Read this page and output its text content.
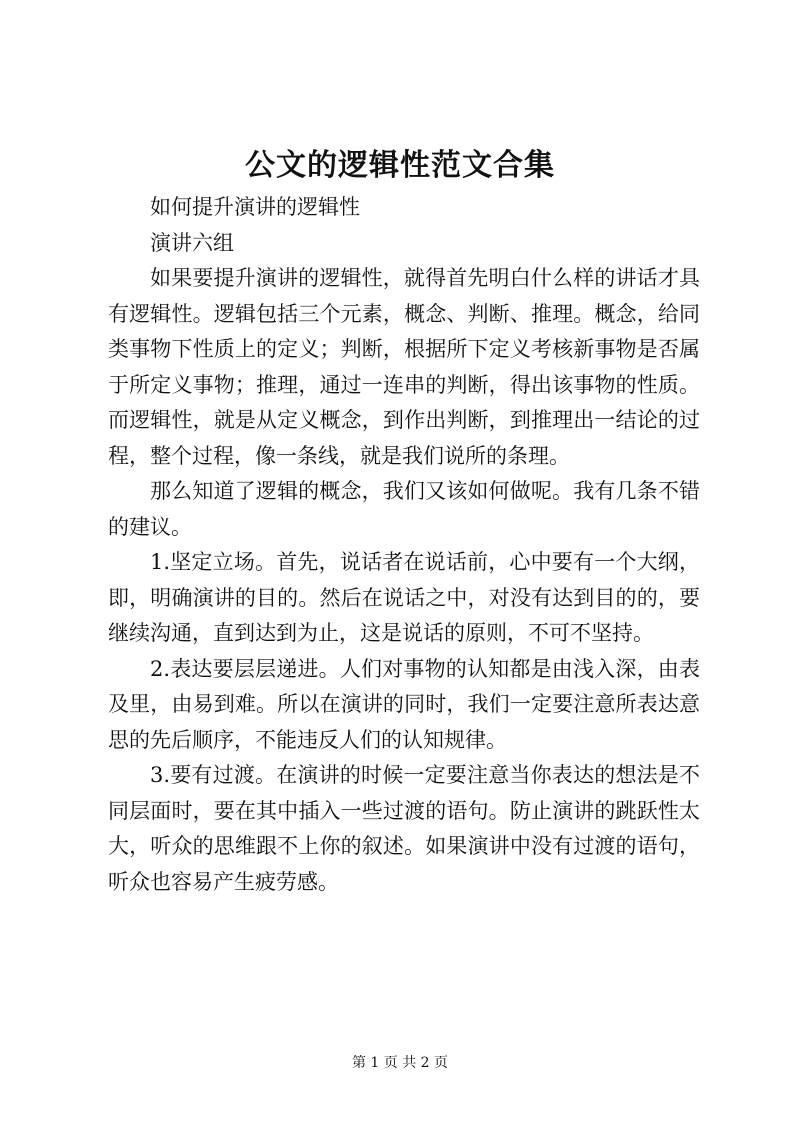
公文的逻辑性范文合集

如何提升演讲的逻辑性

演讲六组

如果要提升演讲的逻辑性，就得首先明白什么样的讲话才具有逻辑性。逻辑包括三个元素，概念、判断、推理。概念，给同类事物下性质上的定义；判断，根据所下定义考核新事物是否属于所定义事物；推理，通过一连串的判断，得出该事物的性质。而逻辑性，就是从定义概念，到作出判断，到推理出一结论的过程，整个过程，像一条线，就是我们说所的条理。

那么知道了逻辑的概念，我们又该如何做呢。我有几条不错的建议。

1.坚定立场。首先，说话者在说话前，心中要有一个大纲，即，明确演讲的目的。然后在说话之中，对没有达到目的的，要继续沟通，直到达到为止，这是说话的原则，不可不坚持。

2.表达要层层递进。人们对事物的认知都是由浅入深，由表及里，由易到难。所以在演讲的同时，我们一定要注意所表达意思的先后顺序，不能违反人们的认知规律。

3.要有过渡。在演讲的时候一定要注意当你表达的想法是不同层面时，要在其中插入一些过渡的语句。防止演讲的跳跃性太大，听众的思维跟不上你的叙述。如果演讲中没有过渡的语句，听众也容易产生疲劳感。

第 1 页 共 2 页
